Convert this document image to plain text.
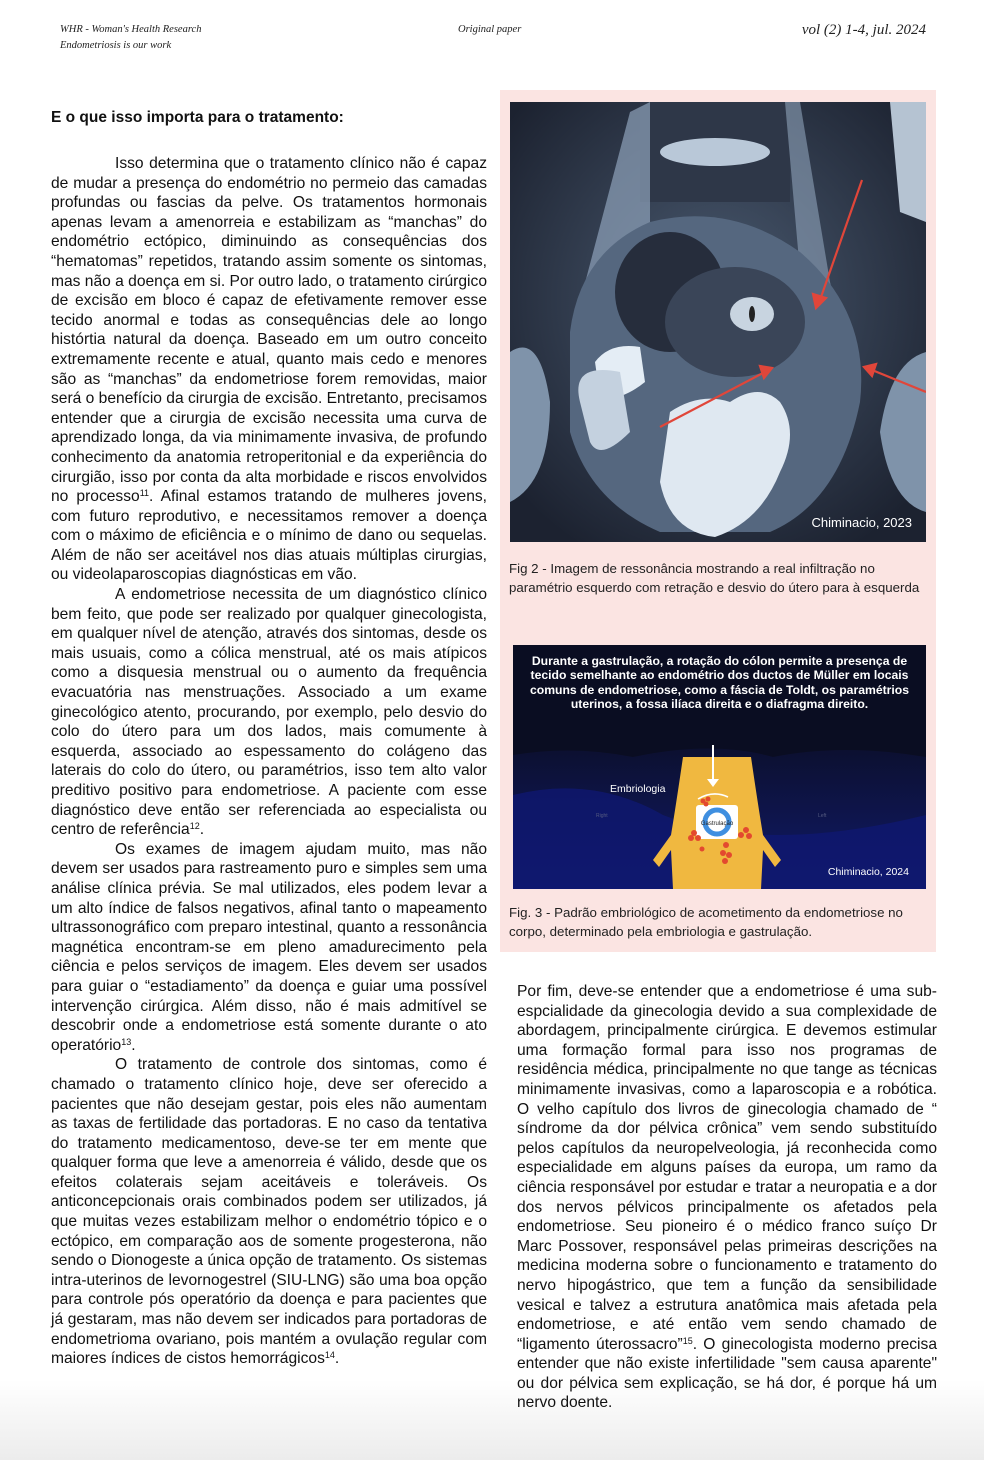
WHR - Woman's Health Research
Endometriosis is our work
Original paper	vol (2) 1-4, jul. 2024
E o que isso importa para o tratamento:

Isso determina que o tratamento clínico não é capaz de mudar a presença do endométrio no permeio das camadas profundas ou fascias da pelve. Os tratamentos hormonais apenas levam a amenorreia e estabilizam as “manchas” do endométrio ectópico, diminuindo as consequências dos “hematomas” repetidos, tratando assim somente os sintomas, mas não a doença em si. Por outro lado, o tratamento cirúrgico de excisão em bloco é capaz de efetivamente remover esse tecido anormal e todas as consequências dele ao longo histórtia natural da doença. Baseado em um outro conceito extremamente recente e atual, quanto mais cedo e menores são as “manchas” da endometriose forem removidas, maior será o benefício da cirurgia de excisão. Entretanto, precisamos entender que a cirurgia de excisão necessita uma curva de aprendizado longa, da via minimamente invasiva, de profundo conhecimento da anatomia retroperitonial e da experiência do cirurgião, isso por conta da alta morbidade e riscos envolvidos no processo$^{11}$. Afinal estamos tratando de mulheres jovens, com futuro reprodutivo, e necessitamos remover a doença com o máximo de eficiência e o mínimo de dano ou sequelas. Além de não ser aceitável nos dias atuais múltiplas cirurgias, ou videolaparoscopias diagnósticas em vão.

A endometriose necessita de um diagnóstico clínico bem feito, que pode ser realizado por qualquer ginecologista, em qualquer nível de atenção, através dos sintomas, desde os mais usuais, como a cólica menstrual, até os mais atípicos como a disquesia menstrual ou o aumento da frequência evacuatória nas menstruações. Associado a um exame ginecológico atento, procurando, por exemplo, pelo desvio do colo do útero para um dos lados, mais comumente à esquerda, associado ao espessamento do colágeno das laterais do colo do útero, ou paramétrios, isso tem alto valor preditivo positivo para endometriose. A paciente com esse diagnóstico deve então ser referenciada ao especialista ou centro de referência$^{12}$.

Os exames de imagem ajudam muito, mas não devem ser usados para rastreamento puro e simples sem uma análise clínica prévia. Se mal utilizados, eles podem levar a um alto índice de falsos negativos, afinal tanto o mapeamento ultrassonográfico com preparo intestinal, quanto a ressonância magnética encontram-se em pleno amadurecimento pela ciência e pelos serviços de imagem. Eles devem ser usados para guiar o “estadiamento” da doença e guiar uma possível intervenção cirúrgica. Além disso, não é mais admitível se descobrir onde a endometriose está somente durante o ato operatório$^{13}$.

O tratamento de controle dos sintomas, como é chamado o tratamento clínico hoje, deve ser oferecido a pacientes que não desejam gestar, pois eles não aumentam as taxas de fertilidade das portadoras. E no caso da tentativa do tratamento medicamentoso, deve-se ter em mente que qualquer forma que leve a amenorreia é válido, desde que os efeitos colaterais sejam aceitáveis e toleráveis. Os anticoncepcionais orais combinados podem ser utilizados, já que muitas vezes estabilizam melhor o endométrio tópico e o ectópico, em comparação aos de somente progesterona, não sendo o Dionogeste a única opção de tratamento. Os sistemas intra-uterinos de levornogestrel (SIU-LNG) são uma boa opção para controle pós operatório da doença e para pacientes que já gestaram, mas não devem ser indicados para portadoras de endometrioma ovariano, pois mantém a ovulação regular com maiores índices de cistos hemorrágicos$^{14}$.

Chiminacio, 2023
Fig 2 - Imagem de ressonância mostrando a real infiltração no paramétrio esquerdo com retração e desvio do útero para à esquerda
Gastrulação
Durante a gastrulação, a rotação do cólon permite a presença de tecido semelhante ao endométrio dos ductos de Müller em locais comuns de endometriose, como a fáscia de Toldt, os paramétrios uterinos, a fossa ilíaca direita e o diafragma direito.
Embriologia
Right	Left
Chiminacio, 2024
Fig. 3 - Padrão embriológico de acometimento da endometriose no corpo, determinado pela embriologia e gastrulação.

Por fim, deve-se entender que a endometriose é uma sub-espcialidade da ginecologia devido a sua complexidade de abordagem, principalmente cirúrgica. E devemos estimular uma formação formal para isso nos programas de residência médica, principalmente no que tange as técnicas minimamente invasivas, como a laparoscopia e a robótica. O velho capítulo dos livros de ginecologia chamado de “ síndrome da dor pélvica crônica” vem sendo substituído pelos capítulos da neuropelveologia, já reconhecida como especialidade em alguns países da europa, um ramo da ciência responsável por estudar e tratar a neuropatia e a dor dos nervos pélvicos principalmente os afetados pela endometriose. Seu pioneiro é o médico franco suíço Dr Marc Possover, responsável pelas primeiras descrições na medicina moderna sobre o funcionamento e tratamento do nervo hipogástrico, que tem a função da sensibilidade vesical e talvez a estrutura anatômica mais afetada pela endometriose, e até então vem sendo chamado de “ligamento úterossacro”$^{15}$. O ginecologista moderno precisa entender que não existe infertilidade "sem causa aparente" ou dor pélvica sem explicação, se há dor, é porque há um nervo doente.
